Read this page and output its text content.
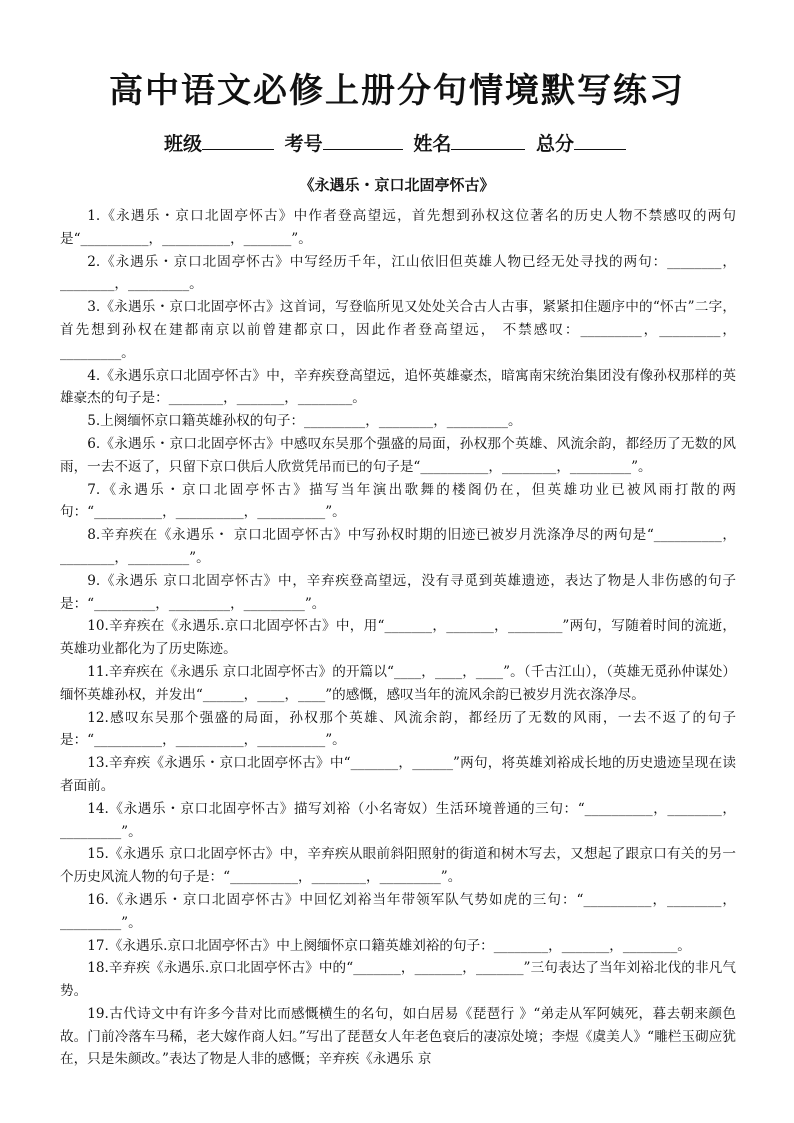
高中语文必修上册分句情境默写练习
班级	考号	姓名	总分
《永遇乐・京口北固亭怀古》

1.《永遇乐・京口北固亭怀古》中作者登高望远，首先想到孙权这位著名的历史人物不禁感叹的两句是“__________，__________，_______”。

2.《永遇乐・京口北固亭怀古》中写经历千年，江山依旧但英雄人物已经无处寻找的两句：________，________，_________。

3.《永遇乐・京口北固亭怀古》这首词，写登临所见又处处关合古人古事，紧紧扣住题序中的“怀古”二字，首先想到孙权在建都南京以前曾建都京口，因此作者登高望远， 不禁感叹：_________，_________，_________。

4.《永遇乐京口北固亭怀古》中，辛弃疾登高望远，追怀英雄豪杰，暗寓南宋统治集团没有像孙权那样的英雄豪杰的句子是：________，_______，________。

5.上阕缅怀京口籍英雄孙权的句子：_________，________，_________。

6.《永遇乐・京口北固亭怀古》中感叹东吴那个强盛的局面，孙权那个英雄、风流余韵，都经历了无数的风雨，一去不返了，只留下京口供后人欣赏凭吊而已的句子是“__________，________，_________”。

7.《永遇乐・京口北固亭怀古》描写当年演出歌舞的楼阁仍在，但英雄功业已被风雨打散的两句：“__________，__________，__________”。

8.辛弃疾在《永遇乐・ 京口北固亭怀古》中写孙权时期的旧迹已被岁月洗涤净尽的两句是“__________，________，_________”。

9.《永遇乐 京口北固亭怀古》中，辛弃疾登高望远，没有寻觅到英雄遗迹，表达了物是人非伤感的句子是：“_________，_________，_________”。

10.辛弃疾在《永遇乐.京口北固亭怀古》中，用“_______，_______，________”两句，写随着时间的流逝，英雄功业都化为了历史陈迹。

11.辛弃疾在《永遇乐 京口北固亭怀古》的开篇以“____，____，____”。（千古江山），（英雄无觅孙仲谋处）缅怀英雄孙权，并发出“______，____，____”的感慨，感叹当年的流风余韵已被岁月洗衣涤净尽。

12.感叹东吴那个强盛的局面，孙权那个英雄、风流余韵，都经历了无数的风雨，一去不返了的句子是：“__________，__________，__________”。

13.辛弃疾《永遇乐・京口北固亭怀古》中“_______，______”两句，将英雄刘裕成长地的历史遗迹呈现在读者面前。

14.《永遇乐・京口北固亭怀古》描写刘裕（小名寄奴）生活环境普通的三句：“__________，________，_________”。

15.《永遇乐 京口北固亭怀古》中，辛弃疾从眼前斜阳照射的街道和树木写去，又想起了跟京口有关的另一个历史风流人物的句子是：“__________，________，_________”。

16.《永遇乐・京口北固亭怀古》中回忆刘裕当年带领军队气势如虎的三句：“__________，________，_________”。

17.《永遇乐.京口北固亭怀古》中上阕缅怀京口籍英雄刘裕的句子：________，_______，________。

18.辛弃疾《永遇乐.京口北固亭怀古》中的“_______，_______，_______”三句表达了当年刘裕北伐的非凡气势。

19.古代诗文中有许多今昔对比而感慨横生的名句，如白居易《琵琶行 》“弟走从军阿姨死，暮去朝来颜色故。门前冷落车马稀，老大嫁作商人妇。”写出了琵琶女人年老色衰后的凄凉处境；李煜《虞美人》“雕栏玉砌应犹在，只是朱颜改。”表达了物是人非的感慨；辛弃疾《永遇乐 京
